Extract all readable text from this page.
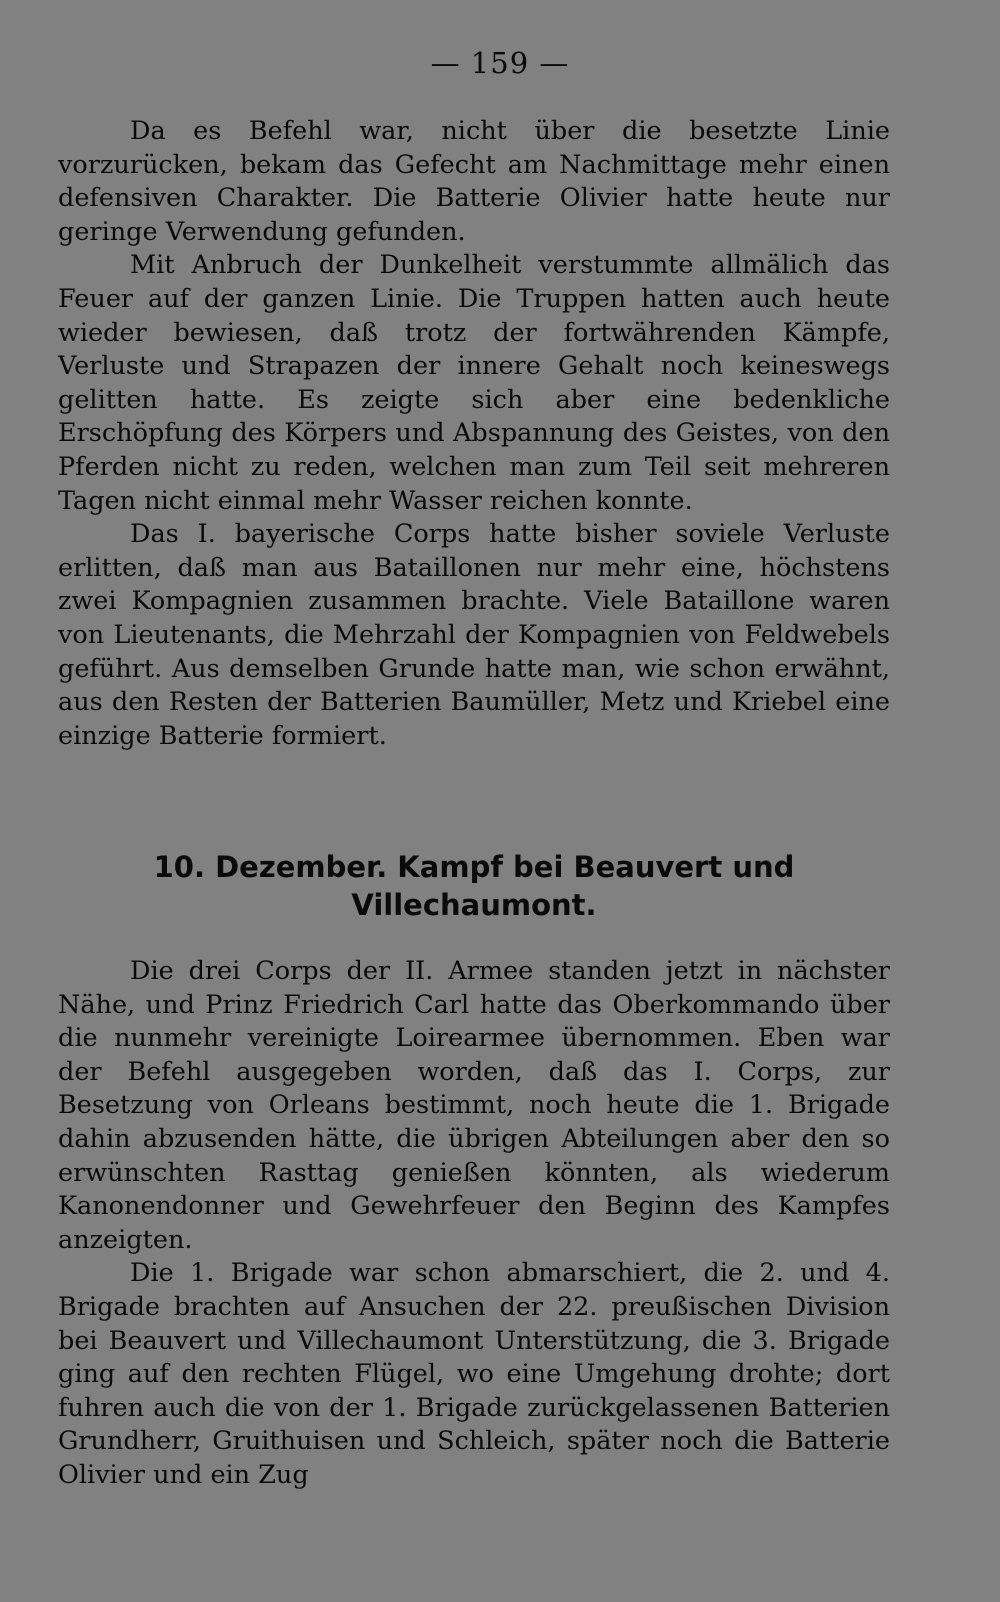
— 159 —

Da es Befehl war, nicht über die besetzte Linie vorzurücken, bekam das Gefecht am Nachmittage mehr einen defensiven Charakter. Die Batterie Olivier hatte heute nur geringe Verwendung gefunden.

Mit Anbruch der Dunkelheit verstummte allmälich das Feuer auf der ganzen Linie. Die Truppen hatten auch heute wieder bewiesen, daß trotz der fortwährenden Kämpfe, Verluste und Strapazen der innere Gehalt noch keineswegs gelitten hatte. Es zeigte sich aber eine bedenkliche Erschöpfung des Körpers und Abspannung des Geistes, von den Pferden nicht zu reden, welchen man zum Teil seit mehreren Tagen nicht einmal mehr Wasser reichen konnte.

Das I. bayerische Corps hatte bisher soviele Verluste erlitten, daß man aus Bataillonen nur mehr eine, höchstens zwei Kompagnien zusammen brachte. Viele Bataillone waren von Lieutenants, die Mehrzahl der Kompagnien von Feldwebels geführt. Aus demselben Grunde hatte man, wie schon erwähnt, aus den Resten der Batterien Baumüller, Metz und Kriebel eine einzige Batterie formiert.

10. Dezember. Kampf bei Beauvert und
Villechaumont.

Die drei Corps der II. Armee standen jetzt in nächster Nähe, und Prinz Friedrich Carl hatte das Oberkommando über die nunmehr vereinigte Loirearmee übernommen. Eben war der Befehl ausgegeben worden, daß das I. Corps, zur Besetzung von Orleans bestimmt, noch heute die 1. Brigade dahin abzusenden hätte, die übrigen Abteilungen aber den so erwünschten Rasttag genießen könnten, als wiederum Kanonendonner und Gewehrfeuer den Beginn des Kampfes anzeigten.

Die 1. Brigade war schon abmarschiert, die 2. und 4. Brigade brachten auf Ansuchen der 22. preußischen Division bei Beauvert und Villechaumont Unterstützung, die 3. Brigade ging auf den rechten Flügel, wo eine Umgehung drohte; dort fuhren auch die von der 1. Brigade zurückgelassenen Batterien Grundherr, Gruithuisen und Schleich, später noch die Batterie Olivier und ein Zug
